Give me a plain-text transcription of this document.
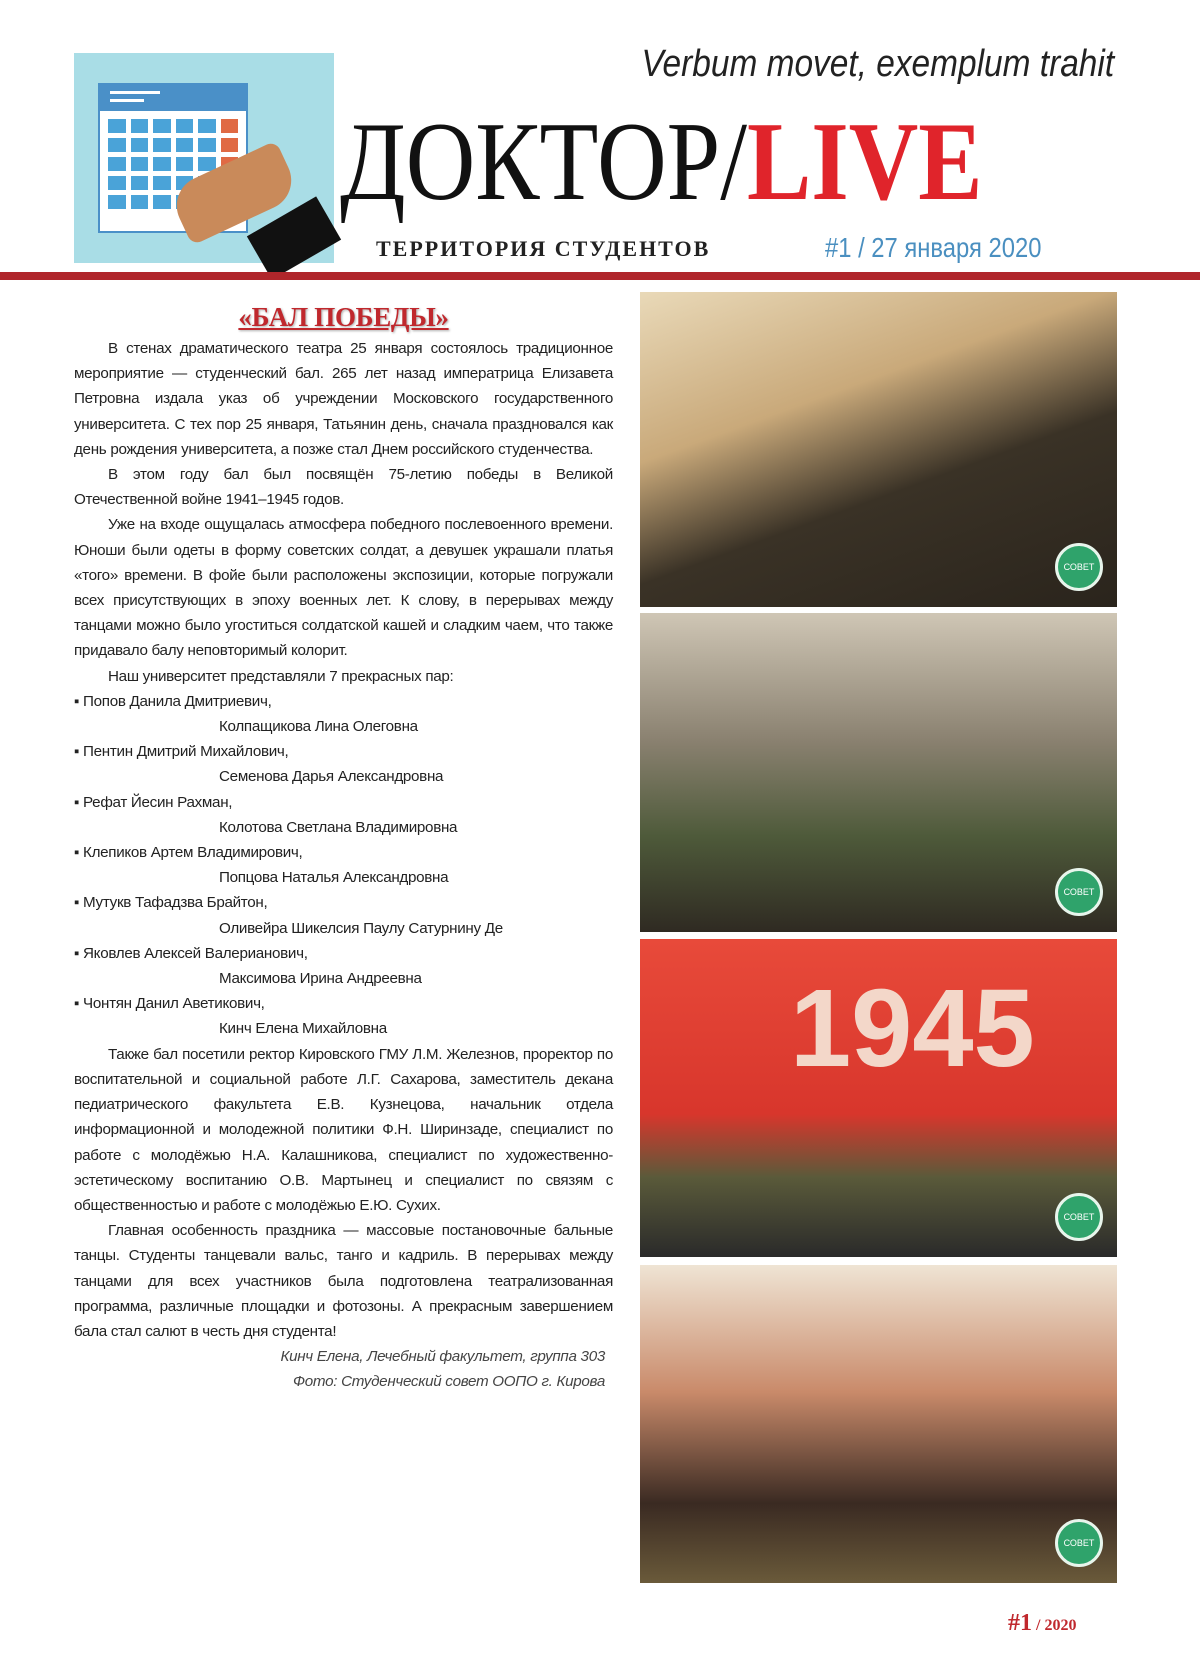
Verbum movet, exemplum trahit
ДОКТОР/LIVE
ТЕРРИТОРИЯ СТУДЕНТОВ	#1 / 27 января 2020
«БАЛ ПОБЕДЫ»
В стенах драматического театра 25 января состоялось традиционное мероприятие — студенческий бал. 265 лет назад императрица Елизавета Петровна издала указ об учреждении Московского государственного университета. С тех пор 25 января, Татьянин день, сначала праздновался как день рождения университета, а позже стал Днем российского студенчества.
В этом году бал был посвящён 75-летию победы в Великой Отечественной войне 1941–1945 годов.
Уже на входе ощущалась атмосфера победного послевоенного времени. Юноши были одеты в форму советских солдат, а девушек украшали платья «того» времени. В фойе были расположены экспозиции, которые погружали всех присутствующих в эпоху военных лет. К слову, в перерывах между танцами можно было угоститься солдатской кашей и сладким чаем, что также придавало балу неповторимый колорит.
Наш университет представляли 7 прекрасных пар:
▪ Попов Данила Дмитриевич,
Колпащикова Лина Олеговна
▪ Пентин Дмитрий Михайлович,
Семенова Дарья Александровна
▪ Рефат Йесин Рахман,
Колотова Светлана Владимировна
▪ Клепиков Артем Владимирович,
Попцова Наталья Александровна
▪ Мутукв Тафадзва Брайтон,
Оливейра Шикелсия Паулу Сатурнину Де
▪ Яковлев Алексей Валерианович,
Максимова Ирина Андреевна
▪ Чонтян Данил Аветикович,
Кинч Елена Михайловна
Также бал посетили ректор Кировского ГМУ Л.М. Железнов, проректор по воспитательной и социальной работе Л.Г. Сахарова, заместитель декана педиатрического факультета Е.В. Кузнецова, начальник отдела информационной и молодежной политики Ф.Н. Ширинзаде, специалист по работе с молодёжью Н.А. Калашникова, специалист по художественно-эстетическому воспитанию О.В. Мартынец и специалист по связям с общественностью и работе с молодёжью Е.Ю. Сухих.
Главная особенность праздника — массовые постановочные бальные танцы. Студенты танцевали вальс, танго и кадриль. В перерывах между танцами для всех участников была подготовлена театрализованная программа, различные площадки и фотозоны. А прекрасным завершением бала стал салют в честь дня студента!
Кинч Елена, Лечебный факультет, группа 303
Фото: Студенческий совет ООПО г. Кирова
СОВЕТ
СОВЕТ
1945
СОВЕТ
СОВЕТ
#1 / 2020
